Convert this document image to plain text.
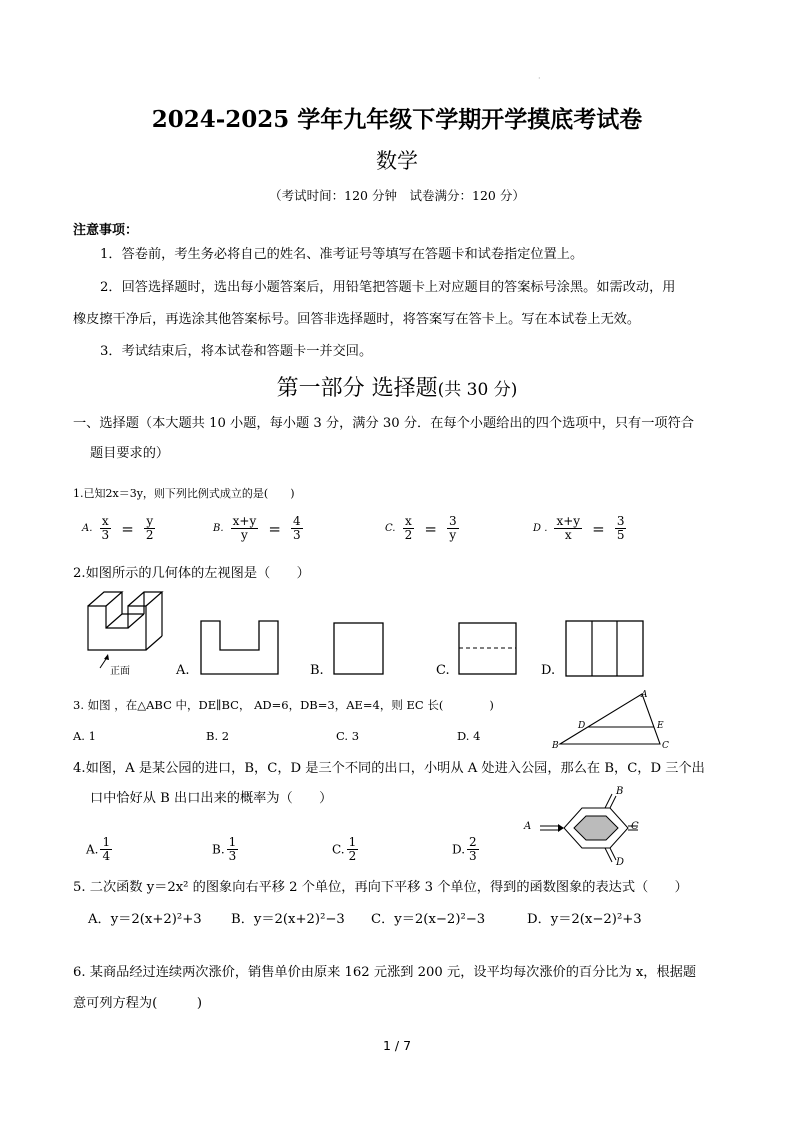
·
2024-2025 学年九年级下学期开学摸底考试卷
数学
（考试时间：120 分钟　试卷满分：120 分）
注意事项：
1．答卷前，考生务必将自己的姓名、准考证号等填写在答题卡和试卷指定位置上。
2．回答选择题时，选出每小题答案后，用铅笔把答题卡上对应题目的答案标号涂黑。如需改动，用
橡皮擦干净后，再选涂其他答案标号。回答非选择题时，将答案写在答卡上。写在本试卷上无效。
3．考试结束后，将本试卷和答题卡一并交回。
第一部分 选择题(共 30 分)
一、选择题（本大题共 10 小题，每小题 3 分，满分 30 分．在每个小题给出的四个选项中，只有一项符合
题目要求的）
1.已知2x＝3y，则下列比例式成立的是(　　)
A. $\frac{x}{3} = \frac{y}{2}$	B. $\frac{x+y}{y} = \frac{4}{3}$	C. $\frac{x}{2} = \frac{3}{y}$	D . $\frac{x+y}{x} = \frac{3}{5}$
2.如图所示的几何体的左视图是（　　）
正面	A.	B.	C.	D.
3. 如图 ，在△ABC 中，DE∥BC， AD=6，DB=3，AE=4，则 EC 长(　　　　)
A. 1	B. 2	C. 3	D. 4
A
B	C
D	E
4.如图，A 是某公园的进口，B，C，D 是三个不同的出口，小明从 A 处进入公园，那么在 B，C，D 三个出
口中恰好从 B 出口出来的概率为（　　）
A. $\frac{1}{4}$	B. $\frac{1}{3}$	C. $\frac{1}{2}$	D. $\frac{2}{3}$
A
B
C
D
5. 二次函数 y＝2x² 的图象向右平移 2 个单位，再向下平移 3 个单位，得到的函数图象的表达式（　　）
A．y＝2(x+2)²+3 B．y＝2(x+2)²−3 C．y＝2(x−2)²−3	D．y＝2(x−2)²+3
6. 某商品经过连续两次涨价，销售单价由原来 162 元涨到 200 元，设平均每次涨价的百分比为 x，根据题
意可列方程为(　　　)
1 / 7
